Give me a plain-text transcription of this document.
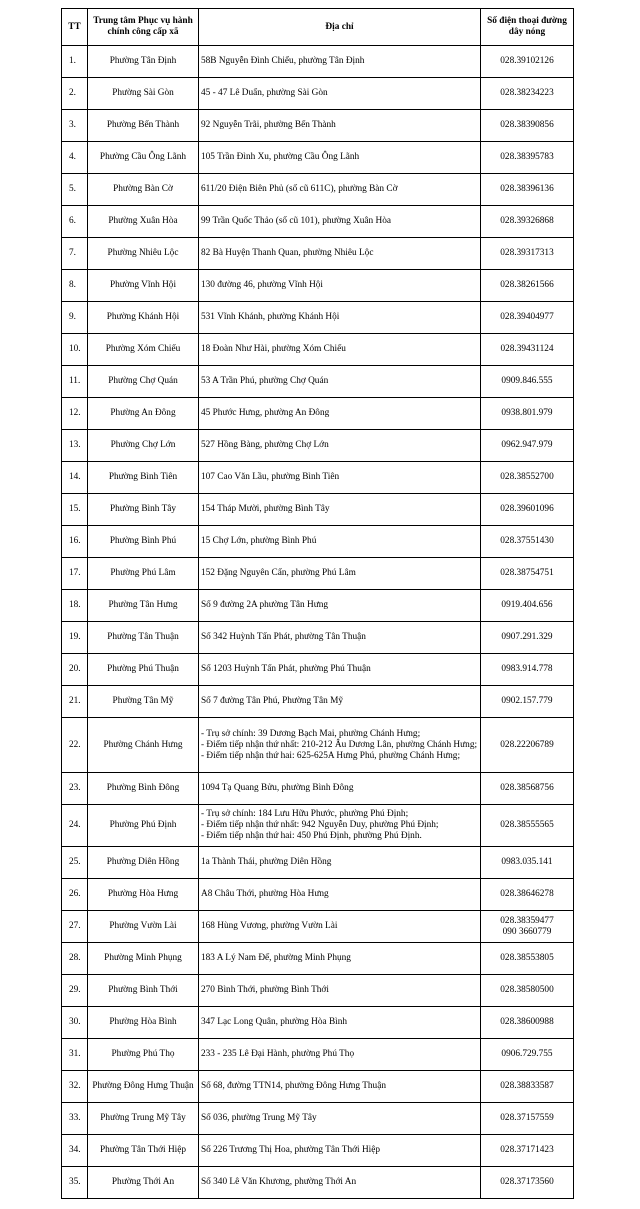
TT	Trung tâm Phục vụ hành chính công cấp xã	Địa chỉ	Số điện thoại đường dây nóng
1.	Phường Tân Định	58B Nguyễn Đình Chiểu, phường Tân Định	028.39102126

2.	Phường Sài Gòn	45 - 47 Lê Duẩn, phường Sài Gòn	028.38234223

3.	Phường Bến Thành	92 Nguyễn Trãi, phường Bến Thành	028.38390856

4.	Phường Cầu Ông Lãnh	105 Trần Đình Xu, phường Cầu Ông Lãnh	028.38395783

5.	Phường Bàn Cờ	611/20 Điện Biên Phủ (số cũ 611C), phường Bàn Cờ	028.38396136

6.	Phường Xuân Hòa	99 Trần Quốc Thảo (số cũ 101), phường Xuân Hòa	028.39326868

7.	Phường Nhiêu Lộc	82 Bà Huyện Thanh Quan, phường Nhiêu Lộc	028.39317313

8.	Phường Vĩnh Hội	130 đường 46, phường Vĩnh Hội	028.38261566

9.	Phường Khánh Hội	531 Vĩnh Khánh, phường Khánh Hội	028.39404977

10.	Phường Xóm Chiếu	18 Đoàn Như Hài, phường Xóm Chiếu	028.39431124

11.	Phường Chợ Quán	53 A Trần Phú, phường Chợ Quán	0909.846.555

12.	Phường An Đông	45 Phước Hưng, phường An Đông	0938.801.979

13.	Phường Chợ Lớn	527 Hồng Bàng, phường Chợ Lớn	0962.947.979

14.	Phường Bình Tiên	107 Cao Văn Lầu, phường Bình Tiên	028.38552700

15.	Phường Bình Tây	154 Tháp Mười, phường Bình Tây	028.39601096

16.	Phường Bình Phú	15 Chợ Lớn, phường Bình Phú	028.37551430

17.	Phường Phú Lâm	152 Đặng Nguyên Cẩn, phường Phú Lâm	028.38754751

18.	Phường Tân Hưng	Số 9 đường 2A phường Tân Hưng	0919.404.656

19.	Phường Tân Thuận	Số 342 Huỳnh Tấn Phát, phường Tân Thuận	0907.291.329

20.	Phường Phú Thuận	Số 1203 Huỳnh Tấn Phát, phường Phú Thuận	0983.914.778

21.	Phường Tân Mỹ	Số 7 đường Tân Phú, Phường Tân Mỹ	0902.157.779

22.	Phường Chánh Hưng	- Trụ sở chính: 39 Dương Bạch Mai, phường Chánh Hưng;
- Điểm tiếp nhận thứ nhất: 210-212 Âu Dương Lân, phường Chánh Hưng;
- Điểm tiếp nhận thứ hai: 625-625A Hưng Phú, phường Chánh Hưng;	028.22206789

23.	Phường Bình Đông	1094 Tạ Quang Bửu, phường Bình Đông	028.38568756

24.	Phường Phú Định	- Trụ sở chính: 184 Lưu Hữu Phước, phường Phú Định;
- Điểm tiếp nhận thứ nhất: 942 Nguyễn Duy, phường Phú Định;
- Điểm tiếp nhận thứ hai: 450 Phú Định, phường Phú Định.	028.38555565

25.	Phường Diên Hồng	1a Thành Thái, phường Diên Hồng	0983.035.141

26.	Phường Hòa Hưng	A8 Châu Thới, phường Hòa Hưng	028.38646278

27.	Phường Vườn Lài	168 Hùng Vương, phường Vườn Lài	028.38359477
090 3660779

28.	Phường Minh Phụng	183 A Lý Nam Đế, phường Minh Phụng	028.38553805

29.	Phường Bình Thới	270 Bình Thới, phường Bình Thới	028.38580500

30.	Phường Hòa Bình	347 Lạc Long Quân, phường Hòa Bình	028.38600988

31.	Phường Phú Thọ	233 - 235 Lê Đại Hành, phường Phú Thọ	0906.729.755

32.	Phường Đông Hưng Thuận	Số 68, đường TTN14, phường Đông Hưng Thuận	028.38833587

33.	Phường Trung Mỹ Tây	Số 036, phường Trung Mỹ Tây	028.37157559

34.	Phường Tân Thới Hiệp	Số 226 Trương Thị Hoa, phường Tân Thới Hiệp	028.37171423

35.	Phường Thới An	Số 340 Lê Văn Khương, phường Thới An	028.37173560
